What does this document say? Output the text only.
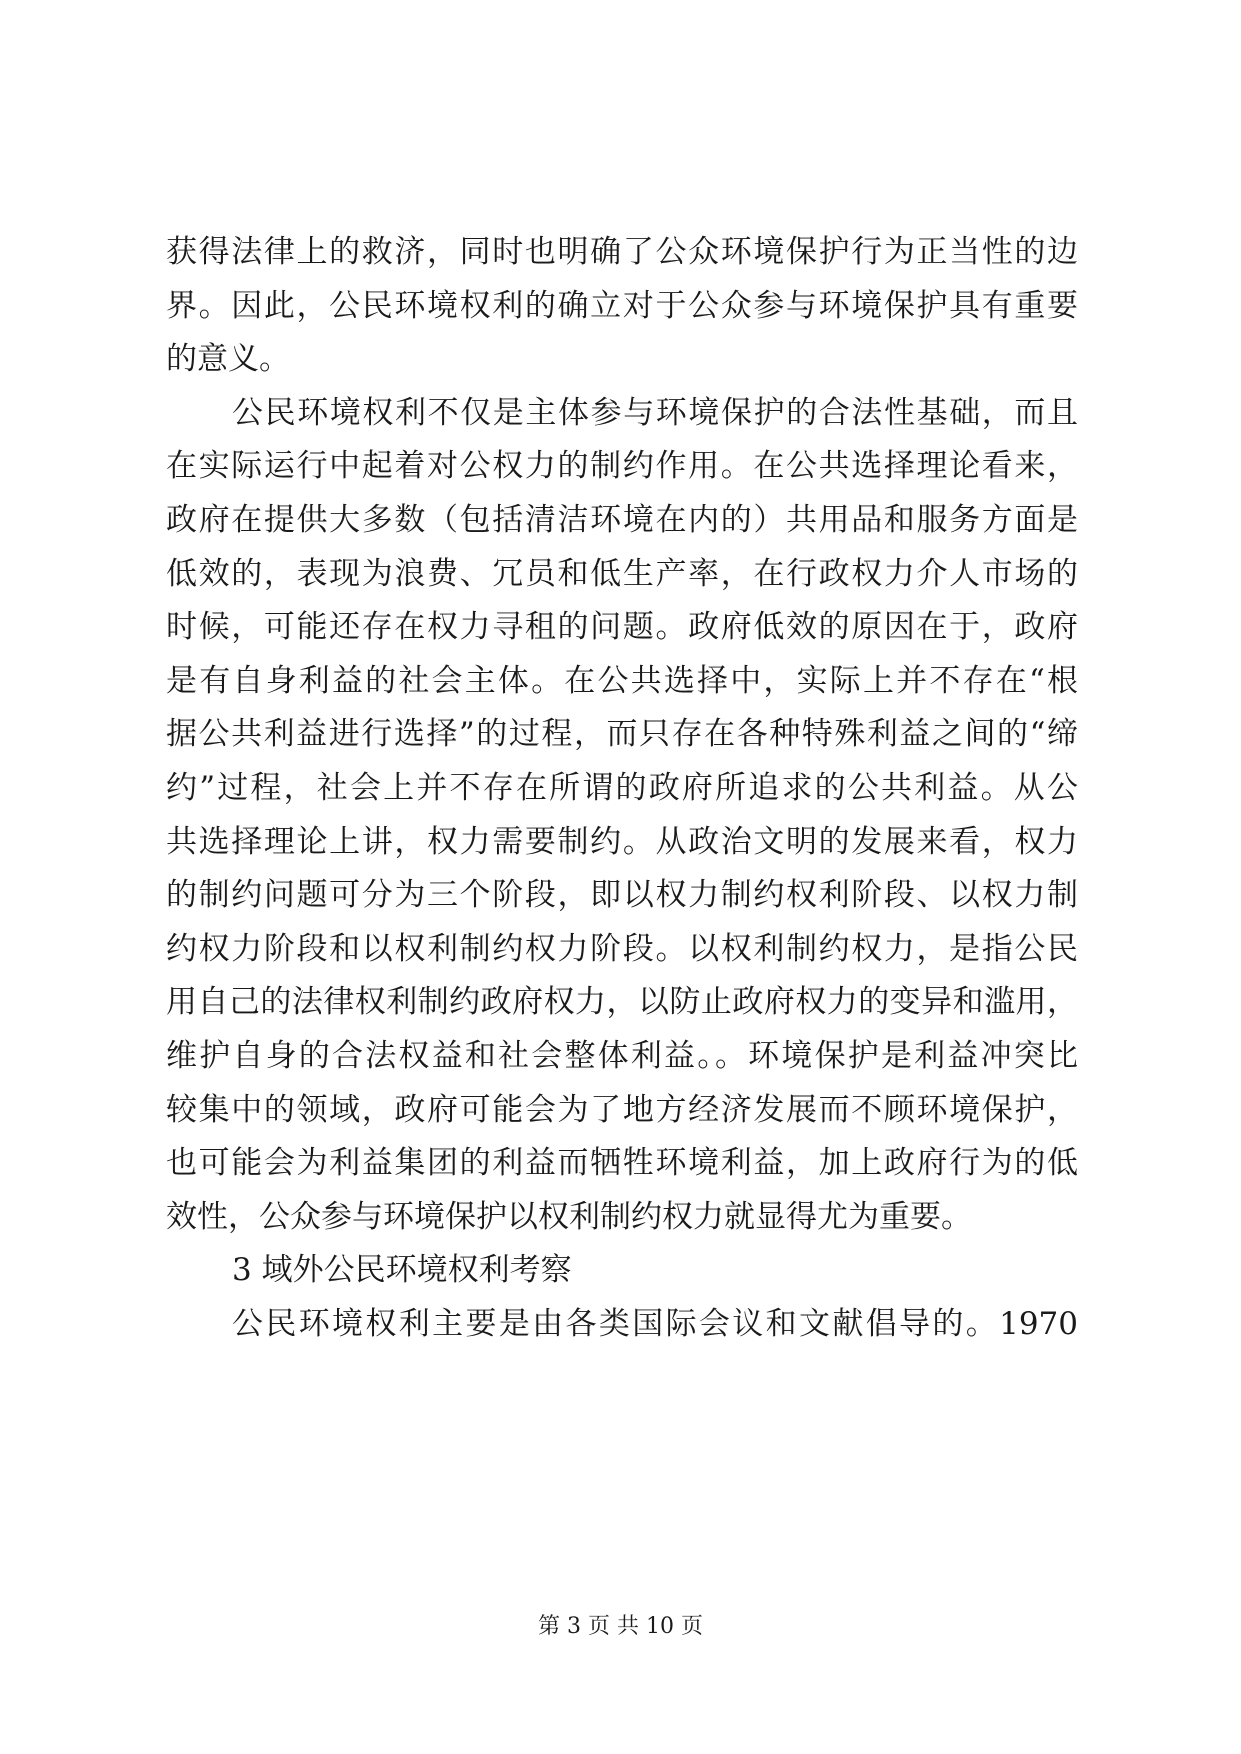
获得法律上的救济，同时也明确了公众环境保护行为正当性的边
界。因此，公民环境权利的确立对于公众参与环境保护具有重要
的意义。
公民环境权利不仅是主体参与环境保护的合法性基础，而且
在实际运行中起着对公权力的制约作用。在公共选择理论看来，
政府在提供大多数（包括清洁环境在内的）共用品和服务方面是
低效的，表现为浪费、冗员和低生产率，在行政权力介人市场的
时候，可能还存在权力寻租的问题。政府低效的原因在于，政府
是有自身利益的社会主体。在公共选择中，实际上并不存在“根
据公共利益进行选择”的过程，而只存在各种特殊利益之间的“缔
约”过程，社会上并不存在所谓的政府所追求的公共利益。从公
共选择理论上讲，权力需要制约。从政治文明的发展来看，权力
的制约问题可分为三个阶段，即以权力制约权利阶段、以权力制
约权力阶段和以权利制约权力阶段。以权利制约权力，是指公民
用自己的法律权利制约政府权力，以防止政府权力的变异和滥用，
维护自身的合法权益和社会整体利益。。环境保护是利益冲突比
较集中的领域，政府可能会为了地方经济发展而不顾环境保护，
也可能会为利益集团的利益而牺牲环境利益，加上政府行为的低
效性，公众参与环境保护以权利制约权力就显得尤为重要。
3 域外公民环境权利考察
公民环境权利主要是由各类国际会议和文献倡导的。1970
第 3 页 共 10 页
